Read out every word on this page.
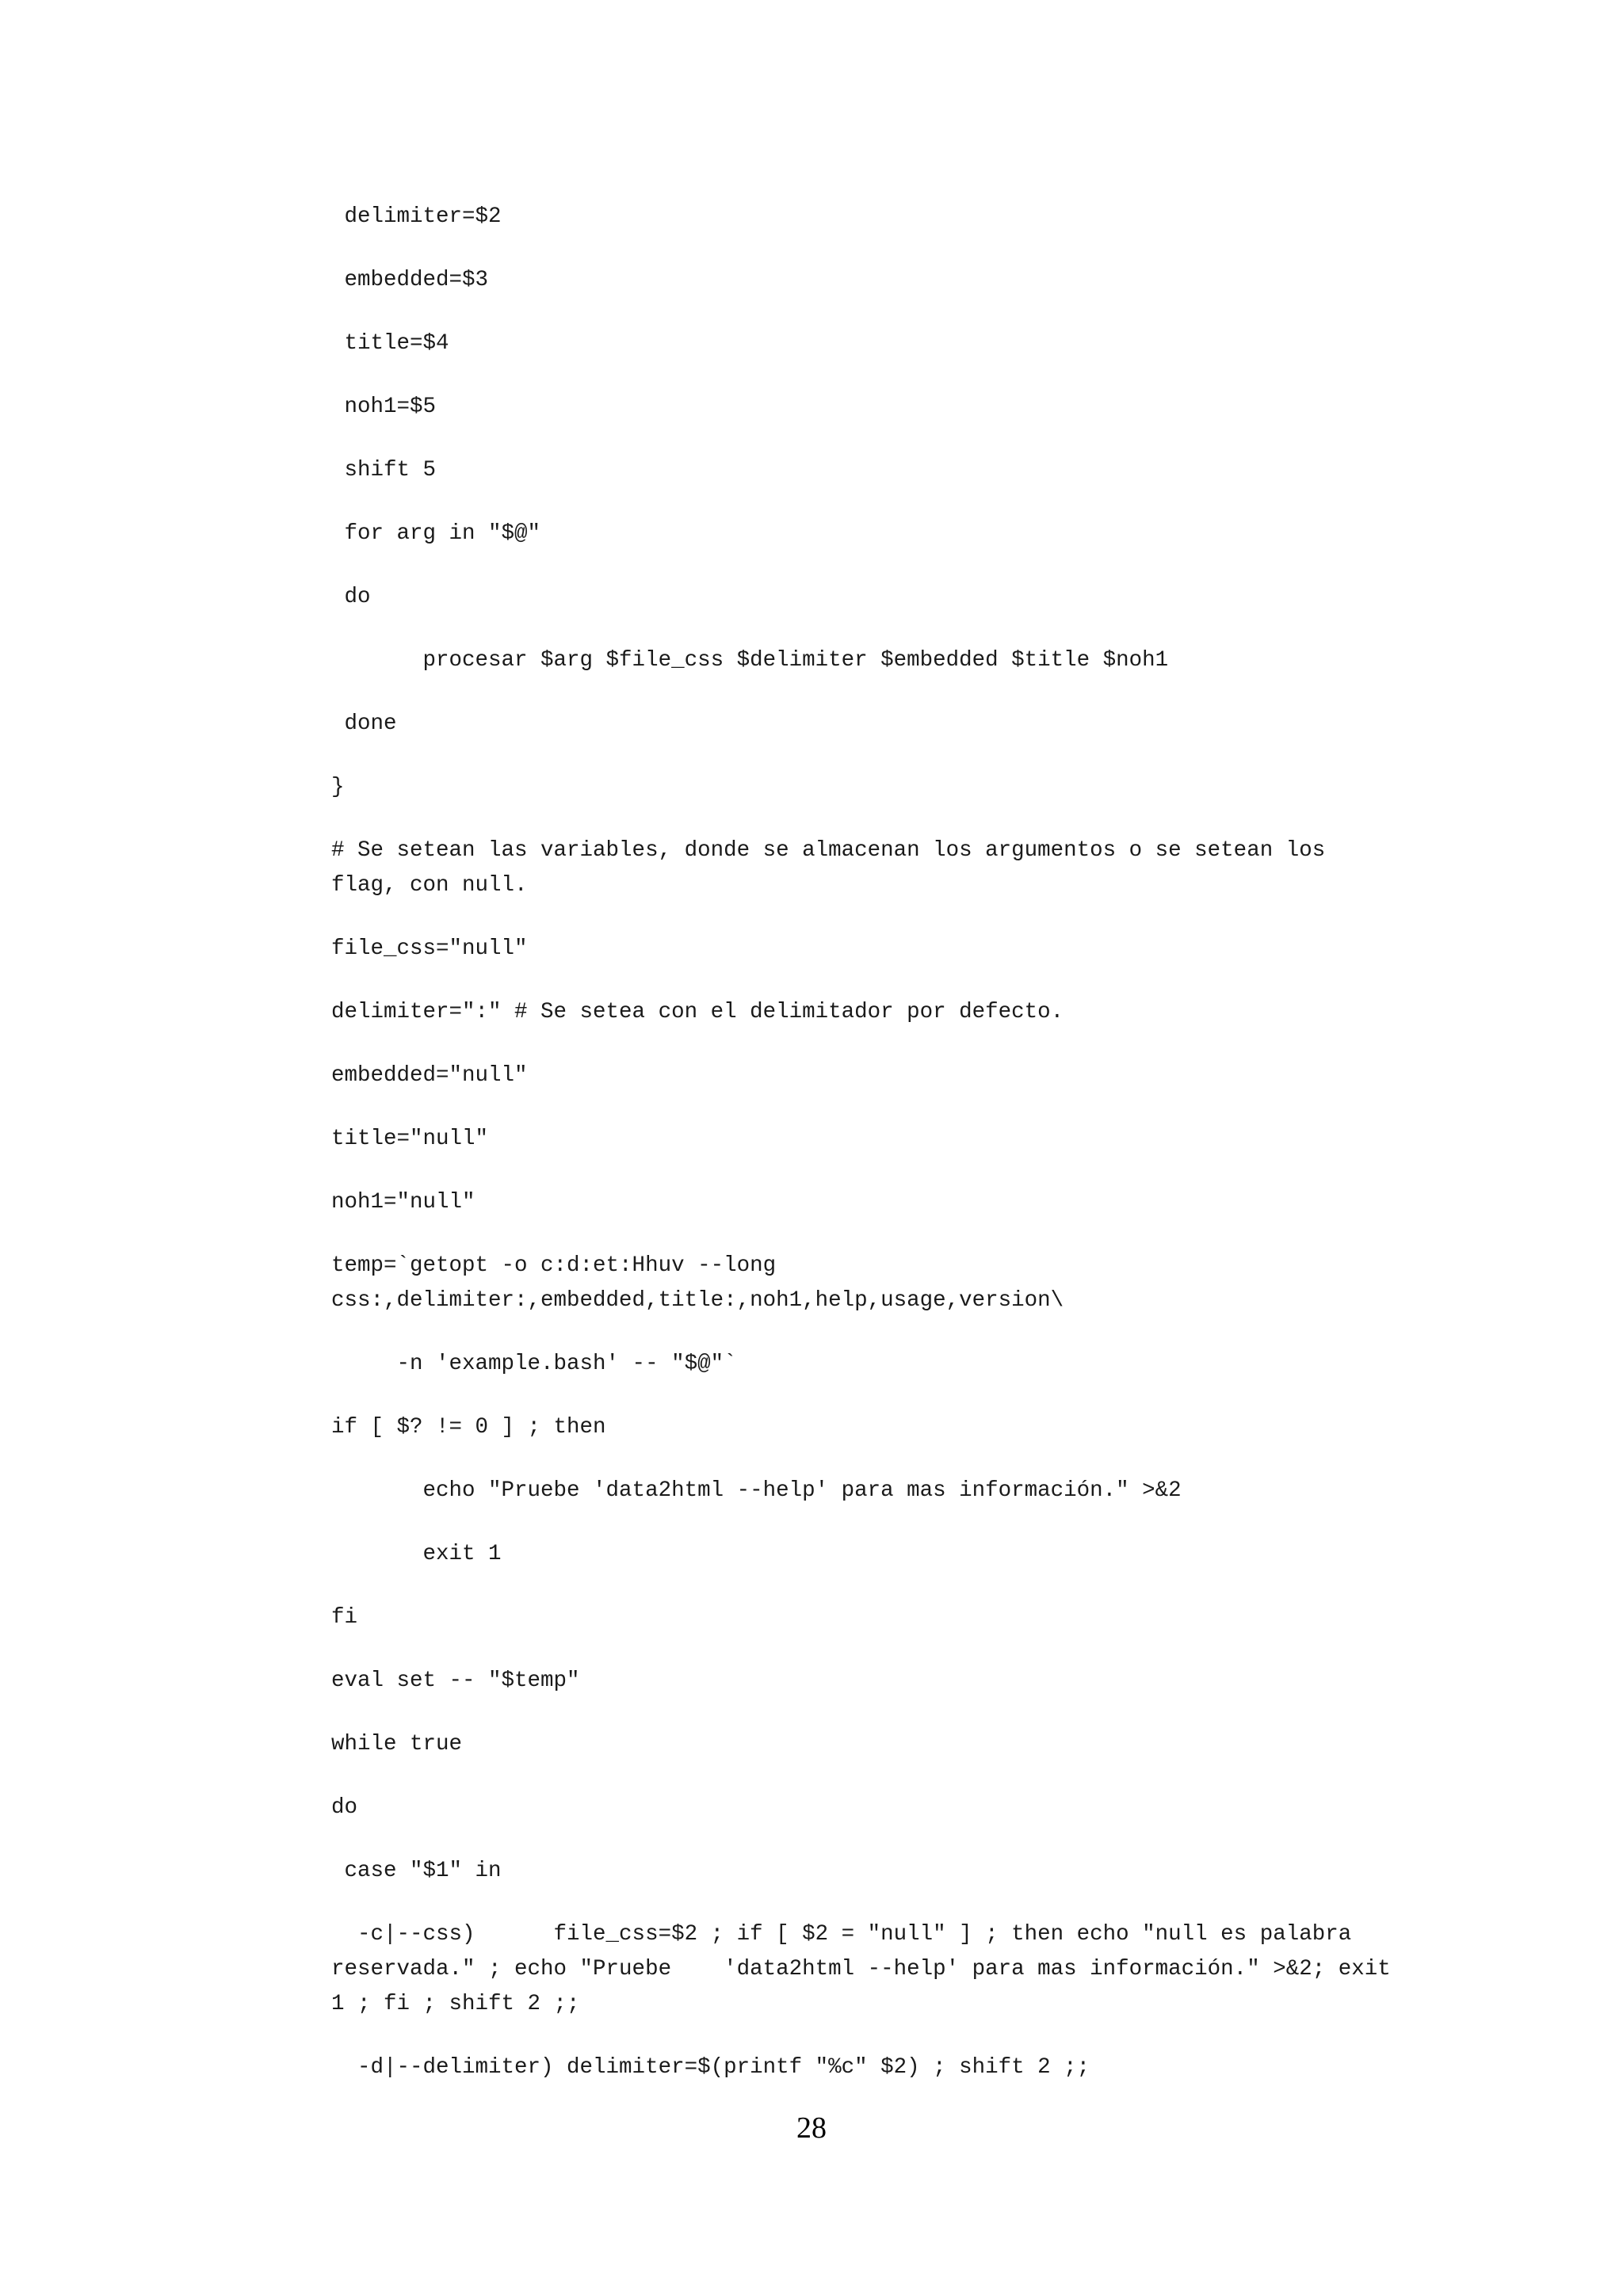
delimiter=$2
embedded=$3
title=$4
noh1=$5
shift 5
for arg in "$@"
do
procesar $arg $file_css $delimiter $embedded $title $noh1
done
}
# Se setean las variables, donde se almacenan los argumentos o se setean los
flag, con null.
file_css="null"
delimiter=":" # Se setea con el delimitador por defecto.
embedded="null"
title="null"
noh1="null"
temp=`getopt -o c:d:et:Hhuv --long
css:,delimiter:,embedded,title:,noh1,help,usage,version\
-n 'example.bash' -- "$@"`
if [ $? != 0 ] ; then
echo "Pruebe 'data2html --help' para mas información." >&2
exit 1
fi
eval set -- "$temp"
while true
do
case "$1" in
-c|--css)      file_css=$2 ; if [ $2 = "null" ] ; then echo "null es palabra
reservada." ; echo "Pruebe    'data2html --help' para mas información." >&2; exit
1 ; fi ; shift 2 ;;
-d|--delimiter) delimiter=$(printf "%c" $2) ; shift 2 ;;
28
